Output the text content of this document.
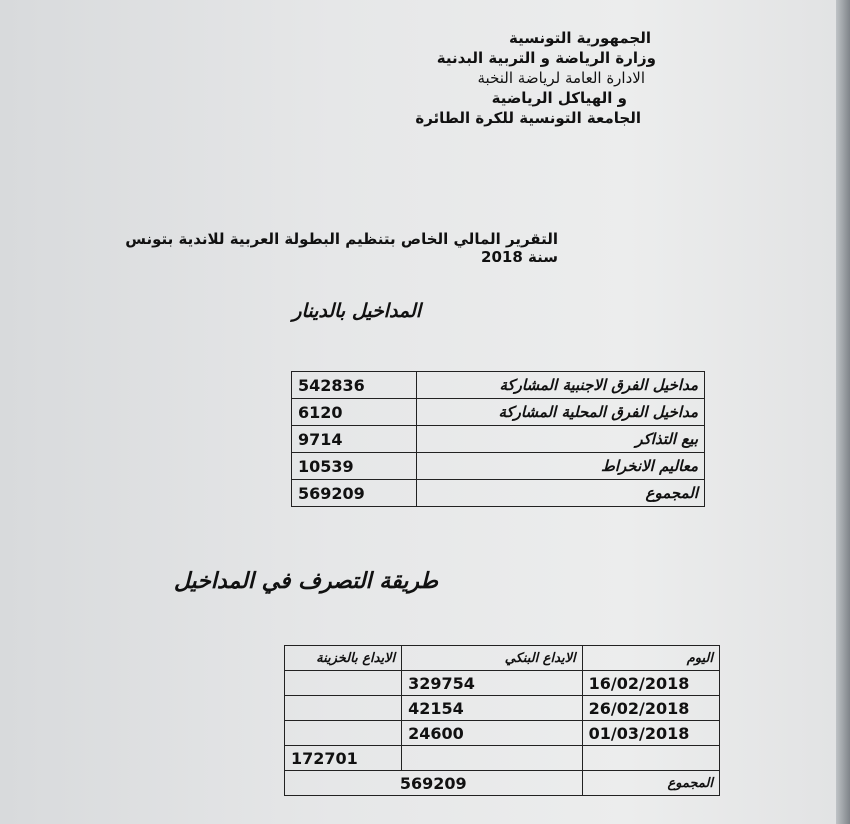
الجمهورية التونسية
وزارة الرياضة و التربية البدنية
الادارة العامة لرياضة النخبة
و الهياكل الرياضية
الجامعة التونسية للكرة الطائرة
التقرير المالي الخاص بتنظيم البطولة العربية للاندية بتونس سنة 2018
المداخيل بالدينار
مداخيل الفرق الاجنبية المشاركة	542836
مداخيل الفرق المحلية المشاركة	6120
بيع التذاكر	9714
معاليم الانخراط	10539
المجموع	569209
طريقة التصرف في المداخيل
اليوم	الايداع البنكي	الايداع بالخزينة
16/02/2018	329754	
26/02/2018	42154	
01/03/2018	24600	
		172701
المجموع	569209	
